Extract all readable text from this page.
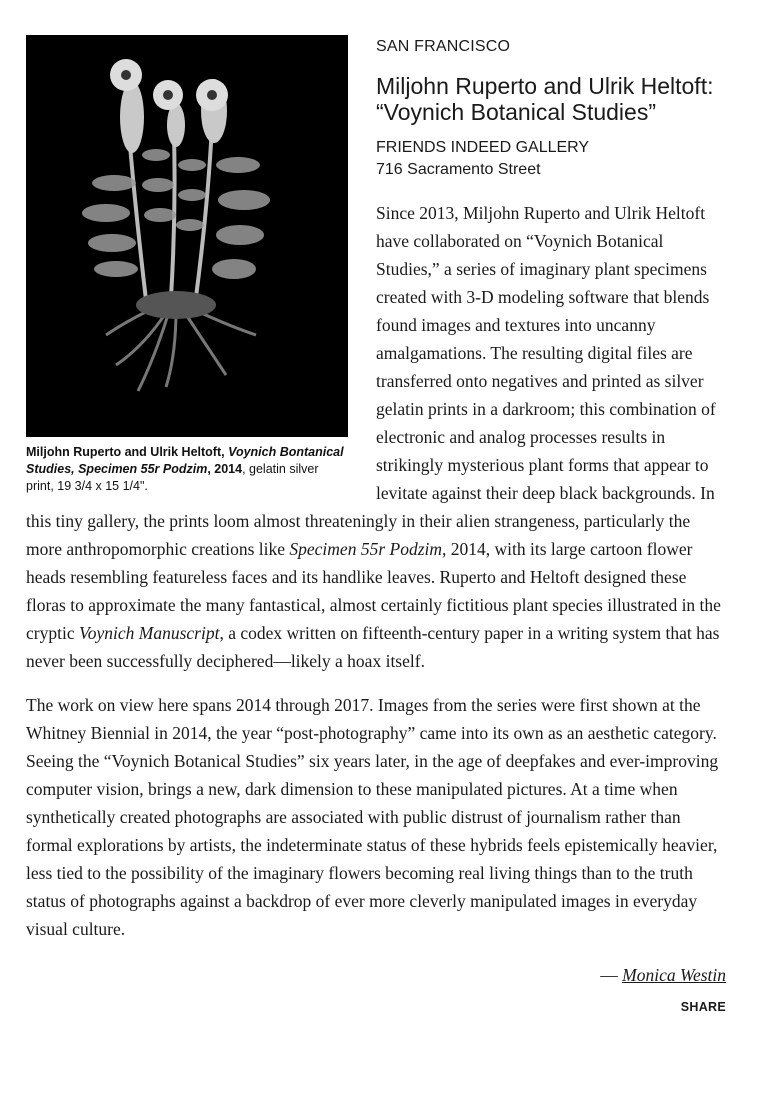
Miljohn Ruperto and Ulrik Heltoft, Voynich Bontanical Studies, Specimen 55r Podzim, 2014, gelatin silver print, 19 3/4 x 15 1/4".
SAN FRANCISCO
Miljohn Ruperto and Ulrik Heltoft: “Voynich Botanical Studies”
FRIENDS INDEED GALLERY
716 Sacramento Street

Since 2013, Miljohn Ruperto and Ulrik Heltoft have collaborated on “Voynich Botanical Studies,” a series of imaginary plant specimens created with 3-D modeling software that blends found images and textures into uncanny amalgamations. The resulting digital files are transferred onto negatives and printed as silver gelatin prints in a darkroom; this combination of electronic and analog processes results in strikingly mysterious plant forms that appear to levitate against their deep black backgrounds. In this tiny gallery, the prints loom almost threateningly in their alien strangeness, particularly the more anthropomorphic creations like Specimen 55r Podzim, 2014, with its large cartoon flower heads resembling featureless faces and its handlike leaves. Ruperto and Heltoft designed these floras to approximate the many fantastical, almost certainly fictitious plant species illustrated in the cryptic Voynich Manuscript, a codex written on fifteenth-century paper in a writing system that has never been successfully deciphered—likely a hoax itself.

The work on view here spans 2014 through 2017. Images from the series were first shown at the Whitney Biennial in 2014, the year “post-photography” came into its own as an aesthetic category. Seeing the “Voynich Botanical Studies” six years later, in the age of deepfakes and ever-improving computer vision, brings a new, dark dimension to these manipulated pictures. At a time when synthetically created photographs are associated with public distrust of journalism rather than formal explorations by artists, the indeterminate status of these hybrids feels epistemically heavier, less tied to the possibility of the imaginary flowers becoming real living things than to the truth status of photographs against a backdrop of ever more cleverly manipulated images in everyday visual culture.

— Monica Westin
SHARE
